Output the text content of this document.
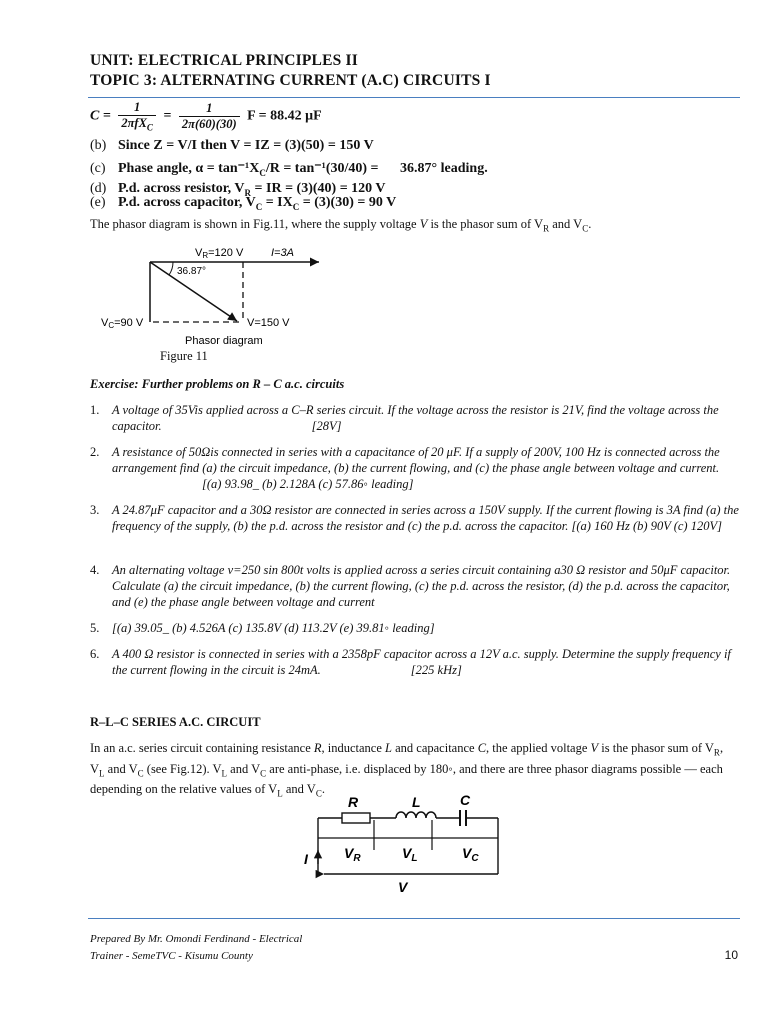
UNIT: ELECTRICAL PRINCIPLES II
TOPIC 3: ALTERNATING CURRENT (A.C) CIRCUITS I
$C = \frac{1}{2\pi fX_C} = \frac{1}{2\pi(60)(30)}$ F = 88.42 μF
(b) Since Z = V/I then V = IZ = (3)(50) = 150 V
(c) Phase angle, $\alpha = \tan^{-1}X_C/R = \tan^{-1}(30/40) = 36.87^\circ$ leading.
(d) P.d. across resistor, $V_R$ = IR = (3)(40) = 120 V
(e) P.d. across capacitor, $V_C = IX_C = (3)(30) = 90$ V
The phasor diagram is shown in Fig.11, where the supply voltage V is the phasor sum of $V_R$ and $V_C$.
VR=120 V	I=3A
36.87°
VC=90 V	V=150 V
Phasor diagram
Figure 11
Exercise: Further problems on R – C a.c. circuits
1. A voltage of 35Vis applied across a C–R series circuit. If the voltage across the resistor is 21V, find the voltage across the capacitor.	[28V]
2. A resistance of 50Ωis connected in series with a capacitance of 20 μF. If a supply of 200V, 100 Hz is connected across the arrangement find (a) the circuit impedance, (b) the current flowing, and (c) the phase angle between voltage and current.[(a) 93.98_ (b) 2.128A (c) 57.86◦ leading]
3. A 24.87μF capacitor and a 30Ω resistor are connected in series across a 150V supply. If the current flowing is 3A find (a) the frequency of the supply, (b) the p.d. across the resistor and (c) the p.d. across the capacitor. [(a) 160 Hz (b) 90V (c) 120V]
4. An alternating voltage v=250 sin 800t volts is applied across a series circuit containing a30 Ω resistor and 50μF capacitor. Calculate (a) the circuit impedance, (b) the current flowing, (c) the p.d. across the resistor, (d) the p.d. across the capacitor, and (e) the phase angle between voltage and current
5. [(a) 39.05_ (b) 4.526A (c) 135.8V (d) 113.2V (e) 39.81◦ leading]
6. A 400 Ω resistor is connected in series with a 2358pF capacitor across a 12V a.c. supply. Determine the supply frequency if the current flowing in the circuit is 24mA.	[225 kHz]
R–L–C SERIES A.C. CIRCUIT
In an a.c. series circuit containing resistance R, inductance L and capacitance C, the applied voltage V is the phasor sum of $V_R$, $V_L$ and $V_C$ (see Fig.12). $V_L$ and $V_C$ are anti-phase, i.e. displaced by 180◦, and there are three phasor diagrams possible — each depending on the relative values of $V_L$ and $V_C$.
R	L	C
I	$V_R$	$V_L$	$V_C$
V
Prepared By Mr. Omondi Ferdinand - Electrical
Trainer - SemeTVC - Kisumu County	10
